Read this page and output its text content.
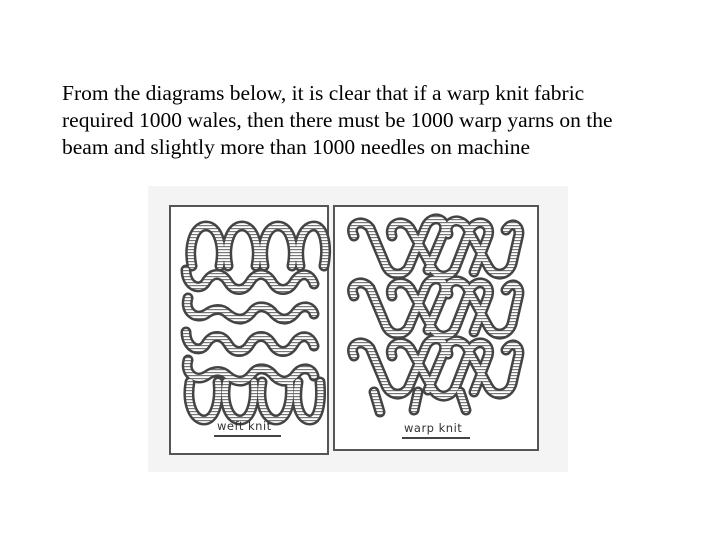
From the diagrams below, it is clear that if a warp knit fabric
required 1000 wales, then there must be 1000 warp yarns on the
beam and slightly more than 1000 needles on machine

weft knit	warp knit
